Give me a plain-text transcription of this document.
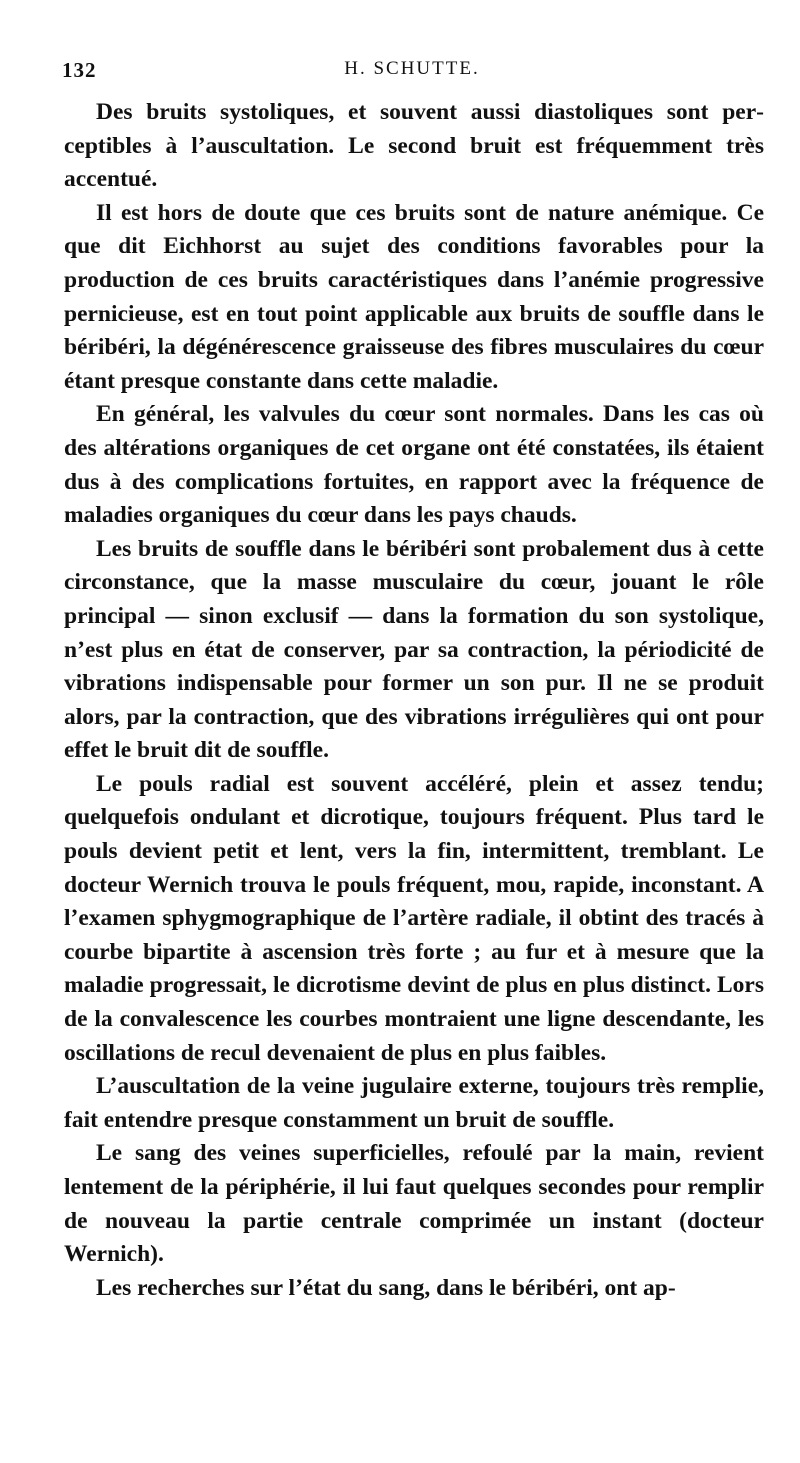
132	H. SCHUTTE.

Des bruits systoliques, et souvent aussi diastoliques sont perceptibles à l’auscultation. Le second bruit est fréquemment très accentué.

Il est hors de doute que ces bruits sont de nature anémique. Ce que dit Eichhorst au sujet des conditions favorables pour la production de ces bruits caractéristiques dans l’anémie progressive pernicieuse, est en tout point applicable aux bruits de souffle dans le béribéri, la dégénérescence graisseuse des fibres musculaires du cœur étant presque constante dans cette maladie.

En général, les valvules du cœur sont normales. Dans les cas où des altérations organiques de cet organe ont été constatées, ils étaient dus à des complications fortuites, en rapport avec la fréquence de maladies organiques du cœur dans les pays chauds.

Les bruits de souffle dans le béribéri sont probalement dus à cette circonstance, que la masse musculaire du cœur, jouant le rôle principal — sinon exclusif — dans la formation du son systolique, n’est plus en état de conserver, par sa contraction, la périodicité de vibrations indispensable pour former un son pur. Il ne se produit alors, par la contraction, que des vibrations irrégulières qui ont pour effet le bruit dit de souffle.

Le pouls radial est souvent accéléré, plein et assez tendu; quelquefois ondulant et dicrotique, toujours fréquent. Plus tard le pouls devient petit et lent, vers la fin, intermittent, tremblant. Le docteur Wernich trouva le pouls fréquent, mou, rapide, inconstant. A l’examen sphygmographique de l’artère radiale, il obtint des tracés à courbe bipartite à ascension très forte ; au fur et à mesure que la maladie progressait, le dicrotisme devint de plus en plus distinct. Lors de la convalescence les courbes montraient une ligne descendante, les oscillations de recul devenaient de plus en plus faibles.

L’auscultation de la veine jugulaire externe, toujours très remplie, fait entendre presque constamment un bruit de souffle.

Le sang des veines superficielles, refoulé par la main, revient lentement de la périphérie, il lui faut quelques secondes pour remplir de nouveau la partie centrale comprimée un instant (docteur Wernich).

Les recherches sur l’état du sang, dans le béribéri, ont ap-
